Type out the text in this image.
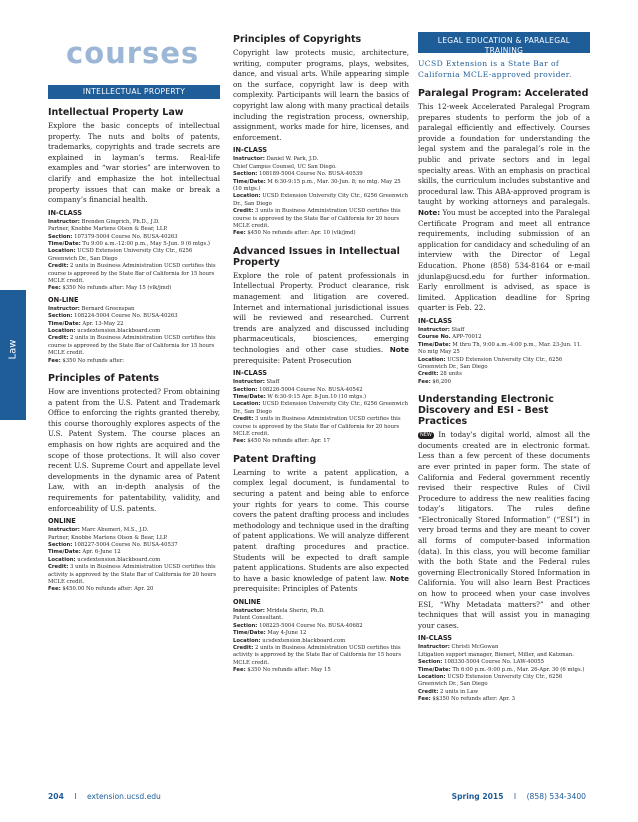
Law
courses
INTELLECTUAL PROPERTY
Intellectual Property Law

Explore the basic concepts of intellectual property. The nuts and bolts of patents, trademarks, copyrights and trade secrets are explained in layman’s terms. Real-life examples and “war stories” are interwoven to clarify and emphasize the hot intellectual property issues that can make or break a company’s financial health.

IN-CLASS

Instructor: Brenden Gingrich, Ph.D., J.D.

Partner, Knobbe Martens Olson & Bear, LLP.

Section: 107379-5004 Course No. BUSA-40263

Time/Date: Tu 9:00 a.m.-12:00 p.m., May 5-Jun. 9 (6 mtgs.)

Location: UCSD Extension University City Ctr., 6256 Greenwich Dr., San Diego

Credit: 2 units in Business Administration UCSD certifies this course is approved by the State Bar of California for 15 hours MCLE credit.

Fee: $350 No refunds after: May 15 (vlk/jmd)

ON-LINE

Instructor: Bernard Greenspan

Section: 108224-5004 Course No. BUSA-40263

Time/Date: Apr. 13-May 22

Location: ucsdextension.blackboard.com

Credit: 2 units in Business Administration UCSD certifies this course is approved by the State Bar of California for 15 hours MCLE credit.

Fee: $350 No refunds after:

Principles of Patents

How are inventions protected? From obtaining a patent from the U.S. Patent and Trademark Office to enforcing the rights granted thereby, this course thoroughly explores aspects of the U.S. Patent System. The course places an emphasis on how rights are acquired and the scope of those protections. It will also cover recent U.S. Supreme Court and appellate level developments in the dynamic area of Patent Law, with an in-depth analysis of the requirements for patentability, validity, and enforceability of U.S. patents.

ONLINE

Instructor: Marc Abumeri, M.S., J.D.

Partner, Knobbe Martens Olson & Bear, LLP.

Section: 108227-5004 Course No. BUSA-40537

Time/Date: Apr. 6-June 12

Location: ucsdextension.blackboard.com

Credit: 3 units in Business Administration UCSD certifies this activity is approved by the State Bar of California for 20 hours MCLE credit.

Fee: $450.00 No refunds after: Apr. 20

Principles of Copyrights

Copyright law protects music, architecture, writing, computer programs, plays, websites, dance, and visual arts. While appearing simple on the surface, copyright law is deep with complexity. Participants will learn the basics of copyright law along with many practical details including the registration process, ownership, assignment, works made for hire, licenses, and enforcement.

IN-CLASS

Instructor: Daniel W. Park, J.D.

Chief Campus Counsel, UC San Diego.

Section: 108189-5004 Course No. BUSA-40539

Time/Date: M 6:30-9:15 p.m., Mar. 30-Jun. 8; no mtg. May 25 (10 mtgs.)

Location: UCSD Extension University City Ctr., 6256 Greenwich Dr., San Diego

Credit: 3 units in Business Administration UCSD certifies this course is approved by the State Bar of California for 20 hours MCLE credit.

Fee: $450 No refunds after: Apr. 10 (vlk/jmd)

Advanced Issues in Intellectual Property

Explore the role of patent professionals in Intellectual Property. Product clearance, risk management and litigation are covered. Internet and international jurisdictional issues will be reviewed and researched. Current trends are analyzed and discussed including pharmaceuticals, biosciences, emerging technologies and other case studies. Note prerequisite: Patent Prosecution

IN-CLASS

Instructor: Staff

Section: 108226-5004 Course No. BUSA-40542

Time/Date: W 6:30-9:15 Apr. 8-Jun.10 (10 mtgs.)

Location: UCSD Extension University City Ctr., 6256 Greenwich Dr., San Diego

Credit: 3 units in Business Administration UCSD certifies this course is approved by the State Bar of California for 20 hours MCLE credit.

Fee: $450 No refunds after: Apr. 17

Patent Drafting

Learning to write a patent application, a complex legal document, is fundamental to securing a patent and being able to enforce your rights for years to come. This course covers the patent drafting process and includes methodology and technique used in the drafting of patent applications. We will analyze different patent drafting procedures and practice. Students will be expected to draft sample patent applications. Students are also expected to have a basic knowledge of patent law. Note prerequisite: Principles of Patents

ONLINE

Instructor: Mridela Sherin, Ph.D.

Patent Consultant.

Section: 108225-5004 Course No. BUSA-40682

Time/Date: May 4-June 12

Location: ucsdextension.blackboard.com

Credit: 2 units in Business Administration UCSD certifies this activity is approved by the State Bar of California for 15 hours MCLE credit.

Fee: $350 No refunds after: May 15

LEGAL EDUCATION & PARALEGAL TRAINING
UCSD Extension is a State Bar of California MCLE-approved provider.
Paralegal Program: Accelerated

This 12-week Accelerated Paralegal Program prepares students to perform the job of a paralegal efficiently and effectively. Courses provide a foundation for understanding the legal system and the paralegal’s role in the public and private sectors and in legal specialty areas. With an emphasis on practical skills, the curriculum includes substantive and procedural law. This ABA-approved program is taught by working attorneys and paralegals. Note: You must be accepted into the Paralegal Certificate Program and meet all entrance requirements, including submission of an application for candidacy and scheduling of an interview with the Director of Legal Education. Phone (858) 534-8164 or e-mail jdunlap@ucsd.edu for further information. Early enrollment is advised, as space is limited. Application deadline for Spring quarter is Feb. 22.

IN-CLASS

Instructor: Staff

Course No. APP-70012

Time/Date: M thru Th, 9:00 a.m.-4:00 p.m., Mar. 23-Jun. 11. No mtg May 25

Location: UCSD Extension University City Ctr., 6256 Greenwich Dr., San Diego

Credit: 28 units

Fee: $6,200

Understanding Electronic Discovery and ESI - Best Practices

NEW In today’s digital world, almost all the documents created are in electronic format. Less than a few percent of these documents are ever printed in paper form. The state of California and Federal government recently revised their respective Rules of Civil Procedure to address the new realities facing today’s litigators. The rules define “Electronically Stored Information” (“ESI”) in very broad terms and they are meant to cover all forms of computer-based information (data). In this class, you will become familiar with the both State and the Federal rules governing Electronically Stored Information in California. You will also learn Best Practices on how to proceed when your case involves ESI, “Why Metadata matters?” and other techniques that will assist you in managing your cases.

IN-CLASS

Instructor: Christi McGowan

Litigation support manager, Bienert, Miller, and Katzman.

Section: 108330-5004 Course No. LAW-40055

Time/Date: Th 6:00 p.m.-9:00 p.m., Mar. 26-Apr. 30 (6 mtgs.)

Location: UCSD Extension University City Ctr., 6256 Greenwich Dr., San Diego

Credit: 2 units in Law

Fee: $$350 No refunds after: Apr. 3

204 I extension.ucsd.edu	Spring 2015 I (858) 534-3400
